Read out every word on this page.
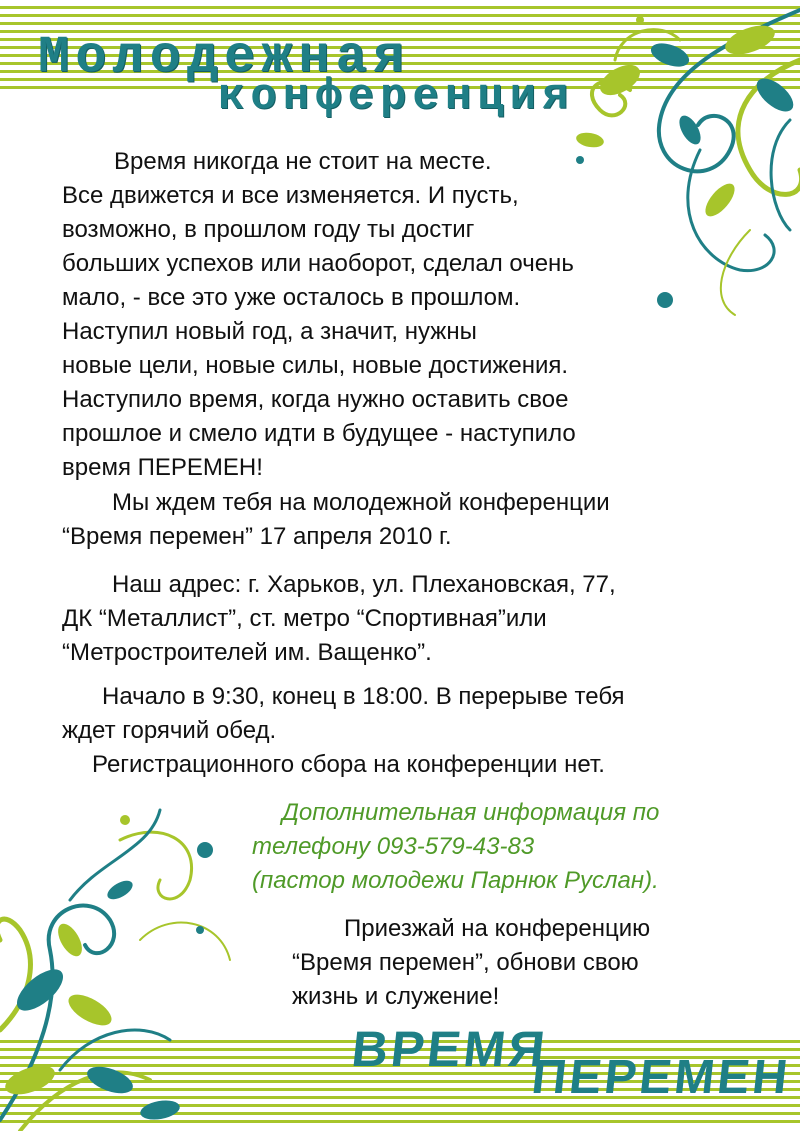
Молодежная
конференция

Время никогда не стоит на месте.

Все движется и все изменяется. И пусть,

возможно, в прошлом году ты достиг

больших успехов или наоборот, сделал очень

мало, - все это уже осталось в прошлом.

Наступил новый год, а значит, нужны

новые цели, новые силы, новые достижения.

Наступило время, когда нужно оставить свое

прошлое и смело идти в будущее - наступило

время ПЕРЕМЕН!

Мы ждем тебя на молодежной конференции
“Время перемен” 17 апреля 2010 г.
Наш адрес: г. Харьков, ул. Плехановская, 77,
ДК “Металлист”, ст. метро “Спортивная”или
“Метростроителей им. Ващенко”.
Начало в 9:30, конец в 18:00. В перерыве тебя
ждет горячий обед.
Регистрационного сбора на конференции нет.
Дополнительная информация по
телефону 093-579-43-83
(пастор молодежи Парнюк Руслан).
Приезжай на конференцию
“Время перемен”, обнови свою
жизнь и служение!
ВРЕМЯ
ПЕРЕМЕН
